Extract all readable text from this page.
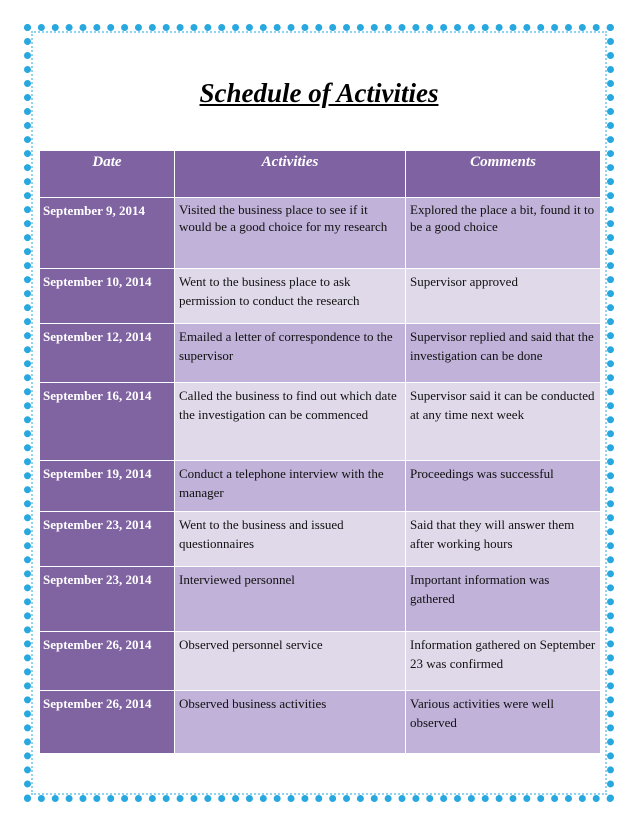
Schedule of Activities
Date	Activities	Comments
September 9, 2014	Visited the business place to see if it would be a good choice for my research	Explored the place a bit, found it to be a good choice
September 10, 2014	Went to the business place to ask permission to conduct the research	Supervisor approved
September 12, 2014	Emailed a letter of correspondence to the supervisor	Supervisor replied and said that the investigation can be done
September 16, 2014	Called the business to find out which date the investigation can be commenced	Supervisor said it can be conducted at any time next week
September 19, 2014	Conduct a telephone interview with the manager	Proceedings was successful
September 23, 2014	Went to the business and issued questionnaires	Said that they will answer them after working hours
September 23, 2014	Interviewed personnel	Important information was gathered
September 26, 2014	Observed personnel service	Information gathered on September 23 was confirmed
September 26, 2014	Observed business activities	Various activities were well observed
